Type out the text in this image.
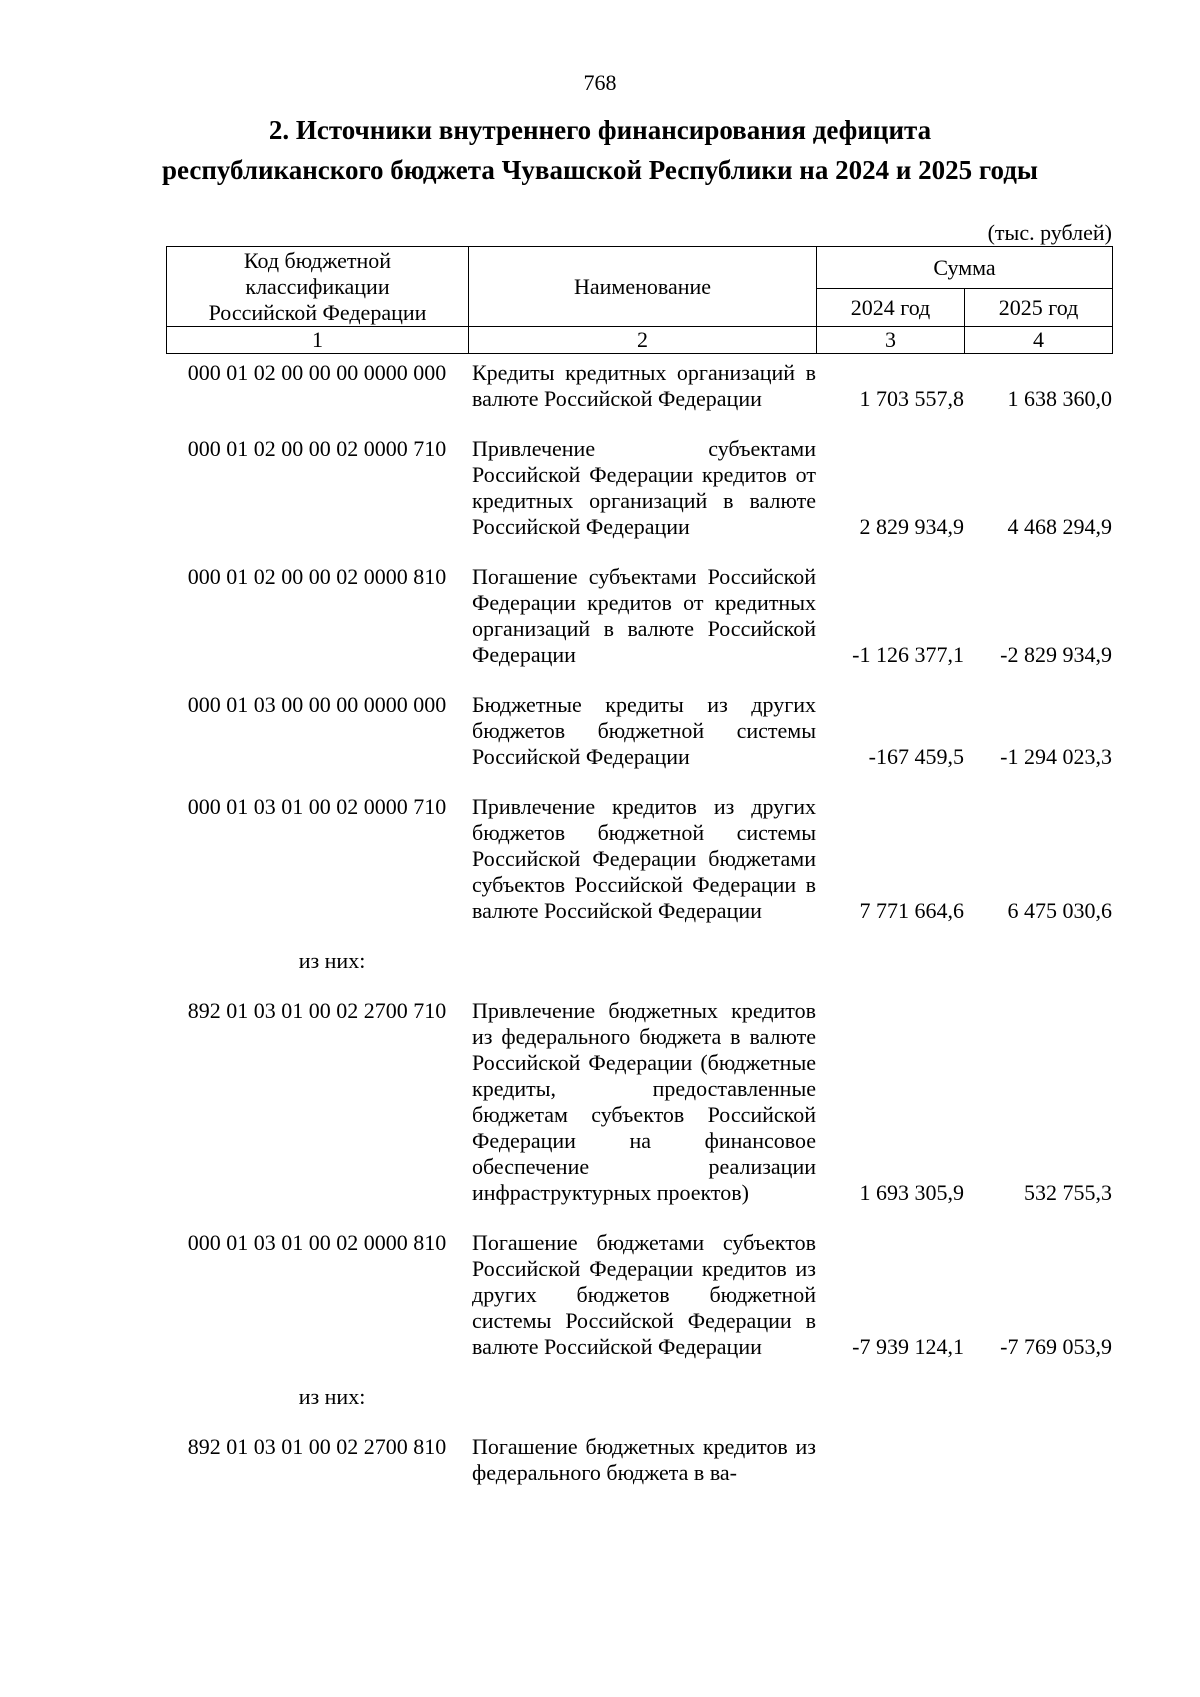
768
2. Источники внутреннего финансирования дефицита
республиканского бюджета Чувашской Республики на 2024 и 2025 годы
(тыс. рублей)
Код бюджетной
классификации
Российской Федерации	Наименование	Сумма	
		2024 год	2025 год
1	2	3	4
000 01 02 00 00 00 0000 000	Кредиты кредитных организаций в валюте Российской Федерации	1 703 557,8	1 638 360,0
000 01 02 00 00 02 0000 710	Привлечение субъектами Российской Федерации кредитов от кредитных организаций в валюте Российской Федерации	2 829 934,9	4 468 294,9
000 01 02 00 00 02 0000 810	Погашение субъектами Российской Федерации кредитов от кредитных организаций в валюте Российской Федерации	-1 126 377,1	-2 829 934,9
000 01 03 00 00 00 0000 000	Бюджетные кредиты из других бюджетов бюджетной системы Российской Федерации	-167 459,5	-1 294 023,3
000 01 03 01 00 02 0000 710	Привлечение кредитов из других бюджетов бюджетной системы Российской Федерации бюджетами субъектов Российской Федерации в валюте Российской Федерации	7 771 664,6	6 475 030,6
из них:
892 01 03 01 00 02 2700 710	Привлечение бюджетных кредитов из федерального бюджета в валюте Российской Федерации (бюджетные кредиты, предоставленные бюджетам субъектов Российской Федерации на финансовое обеспечение реализации инфраструктурных проектов)	1 693 305,9	532 755,3
000 01 03 01 00 02 0000 810	Погашение бюджетами субъектов Российской Федерации кредитов из других бюджетов бюджетной системы Российской Федерации в валюте Российской Федерации	-7 939 124,1	-7 769 053,9
из них:
892 01 03 01 00 02 2700 810	Погашение бюджетных кредитов из федерального бюджета в ва-
